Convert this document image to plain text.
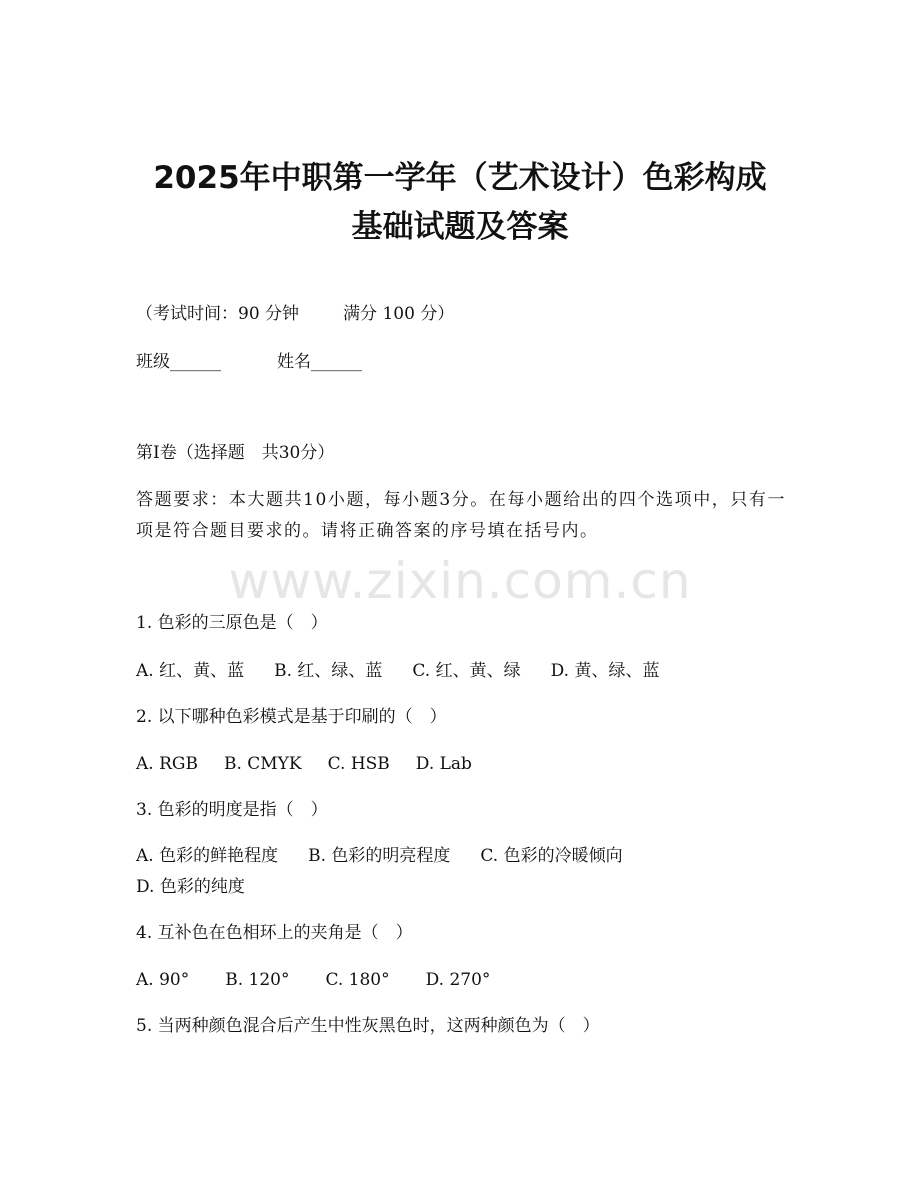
2025年中职第一学年（艺术设计）色彩构成
基础试题及答案
（考试时间：90 分钟	满分 100 分）
班级______	姓名______
第Ⅰ卷（选择题　共30分）
答题要求：本大题共10小题，每小题3分。在每小题给出的四个选项中，只有一项是符合题目要求的。请将正确答案的序号填在括号内。
www.zixin.com.cn
1. 色彩的三原色是（　）
A. 红、黄、蓝 B. 红、绿、蓝 C. 红、黄、绿 D. 黄、绿、蓝
2. 以下哪种色彩模式是基于印刷的（　）
A. RGB B. CMYK C. HSB D. Lab
3. 色彩的明度是指（　）
A. 色彩的鲜艳程度 B. 色彩的明亮程度 C. 色彩的冷暖倾向
D. 色彩的纯度
4. 互补色在色相环上的夹角是（　）
A. 90° B. 120° C. 180° D. 270°
5. 当两种颜色混合后产生中性灰黑色时，这两种颜色为（　）
